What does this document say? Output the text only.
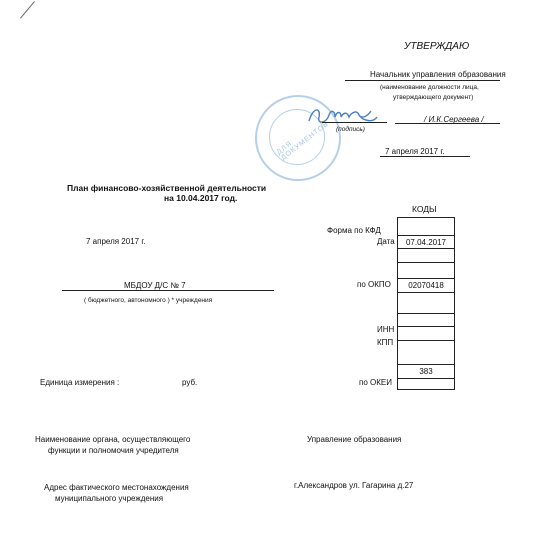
УТВЕРЖДАЮ
Начальник управления образования
(наименование должности лица,
утверждающего документ)
ДЛЯ ДОКУМЕНТОВ
/ И.К.Сергеева /
(подпись)
7 апреля 2017 г.
План финансово-хозяйственной деятельности
на 10.04.2017 год.
КОДЫ
07.04.2017
02070418
383
Форма по КФД
Дата
по ОКПО
ИНН
КПП
по ОКЕИ
7 апреля 2017 г.
МБДОУ Д/С № 7
( бюджетного, автономного ) * учреждения
Единица измерения :	руб.
Наименование органа, осуществляющего
функции и полномочия учредителя
Управление образования
Адрес фактического местонахождения
муниципального учреждения
г.Александров ул. Гагарина д.27
